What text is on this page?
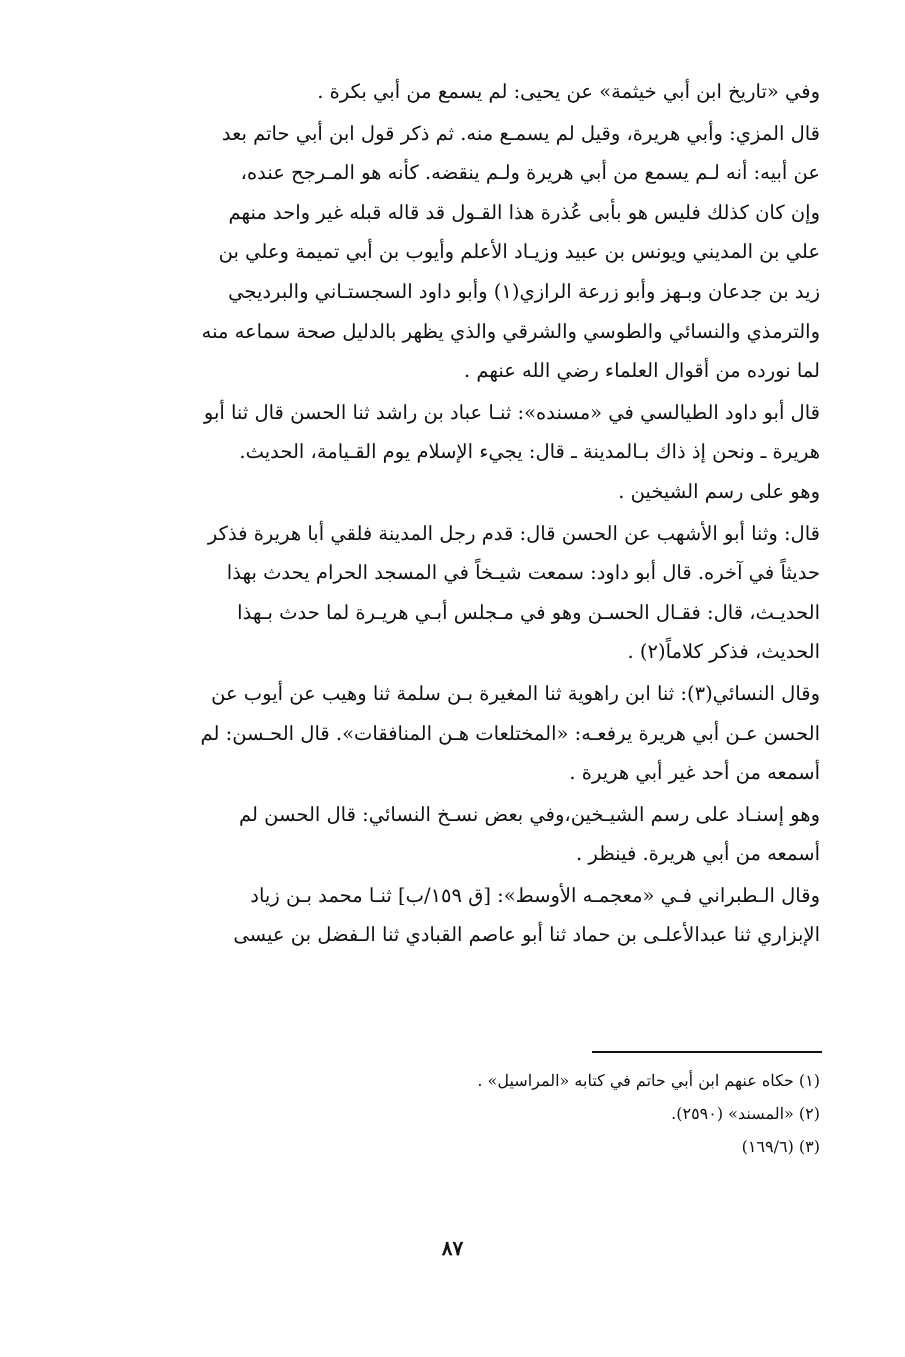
وفي «تاريخ ابن أبي خيثمة» عن يحيى: لم يسمع من أبي بكرة .
قال المزي: وأبي هريرة، وقيل لم يسمـع منه. ثم ذكر قول ابن أبي حاتم بعد
عن أبيه: أنه لـم يسمع من أبي هريرة ولـم ينقضه. كأنه هو المـرجح عنده،
وإن كان كذلك فليس هو بأبى عُذرة هذا القـول قد قاله قبله غير واحد منهم
علي بن المديني ويونس بن عبيد وزيـاد الأعلم وأيوب بن أبي تميمة وعلي بن
زيد بن جدعان وبـهز وأبو زرعة الرازي(١) وأبو داود السجستـاني والبرديجي
والترمذي والنسائي والطوسي والشرقي والذي يظهر بالدليل صحة سماعه منه
لما نورده من أقوال العلماء رضي الله عنهم .
قال أبو داود الطيالسي في «مسنده»: ثنـا عباد بن راشد ثنا الحسن قال ثنا أبو
هريرة ـ ونحن إذ ذاك بـالمدينة ـ قال: يجيء الإسلام يوم القـيامة، الحديث.
وهو على رسم الشيخين .
قال: وثنا أبو الأشهب عن الحسن قال: قدم رجل المدينة فلقي أبا هريرة فذكر
حديثاً في آخره. قال أبو داود: سمعت شيـخاً في المسجد الحرام يحدث بهذا
الحديـث، قال: فقـال الحسـن وهو في مـجلس أبـي هريـرة لما حدث بـهذا
الحديث، فذكر كلاماً(٢) .
وقال النسائي(٣): ثنا ابن راهوية ثنا المغيرة بـن سلمة ثنا وهيب عن أيوب عن
الحسن عـن أبي هريرة يرفعـه: «المختلعات هـن المنافقات». قال الحـسن: لم
أسمعه من أحد غير أبي هريرة .
وهو إسنـاد على رسم الشيـخين،وفي بعض نسـخ النسائي: قال الحسن لم
أسمعه من أبي هريرة. فينظر .
وقال الـطبراني فـي «معجمـه الأوسط»: [ق ١٥٩/ب] ثنـا محمد بـن زياد
الإبزاري ثنا عبدالأعلـى بن حماد ثنا أبو عاصم القبادي ثنا الـفضل بن عيسى
(١) حكاه عنهم ابن أبي حاتم في كتابه «المراسيل» .
(٢) «المسند» (٢٥٩٠).
(٣) (١٦٩/٦)
٨٧
